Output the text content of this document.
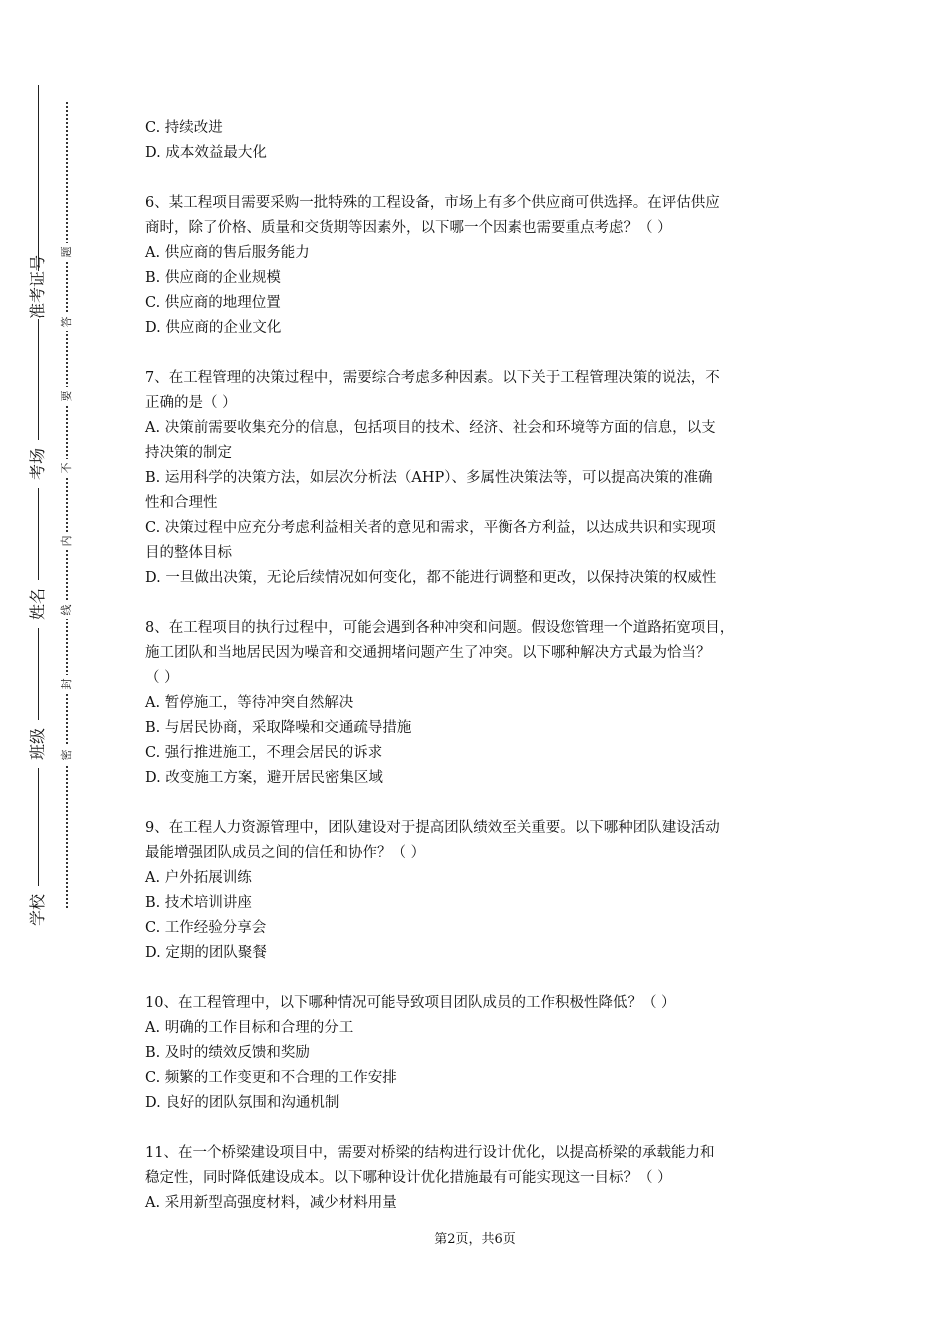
准考证号
考场
姓名
班级
学校
题
答
要
不
内
线
封
密
C. 持续改进
D. 成本效益最大化
6、某工程项目需要采购一批特殊的工程设备，市场上有多个供应商可供选择。在评估供应
商时，除了价格、质量和交货期等因素外，以下哪一个因素也需要重点考虑？（ ）
A. 供应商的售后服务能力
B. 供应商的企业规模
C. 供应商的地理位置
D. 供应商的企业文化
7、在工程管理的决策过程中，需要综合考虑多种因素。以下关于工程管理决策的说法，不
正确的是（ ）
A. 决策前需要收集充分的信息，包括项目的技术、经济、社会和环境等方面的信息，以支
持决策的制定
B. 运用科学的决策方法，如层次分析法（AHP）、多属性决策法等，可以提高决策的准确
性和合理性
C. 决策过程中应充分考虑利益相关者的意见和需求，平衡各方利益，以达成共识和实现项
目的整体目标
D. 一旦做出决策，无论后续情况如何变化，都不能进行调整和更改，以保持决策的权威性
8、在工程项目的执行过程中，可能会遇到各种冲突和问题。假设您管理一个道路拓宽项目，
施工团队和当地居民因为噪音和交通拥堵问题产生了冲突。以下哪种解决方式最为恰当？
（ ）
A. 暂停施工，等待冲突自然解决
B. 与居民协商，采取降噪和交通疏导措施
C. 强行推进施工，不理会居民的诉求
D. 改变施工方案，避开居民密集区域
9、在工程人力资源管理中，团队建设对于提高团队绩效至关重要。以下哪种团队建设活动
最能增强团队成员之间的信任和协作？（ ）
A. 户外拓展训练
B. 技术培训讲座
C. 工作经验分享会
D. 定期的团队聚餐
10、在工程管理中，以下哪种情况可能导致项目团队成员的工作积极性降低？（ ）
A. 明确的工作目标和合理的分工
B. 及时的绩效反馈和奖励
C. 频繁的工作变更和不合理的工作安排
D. 良好的团队氛围和沟通机制
11、在一个桥梁建设项目中，需要对桥梁的结构进行设计优化，以提高桥梁的承载能力和
稳定性，同时降低建设成本。以下哪种设计优化措施最有可能实现这一目标？（ ）
A. 采用新型高强度材料，减少材料用量
第2页，共6页
